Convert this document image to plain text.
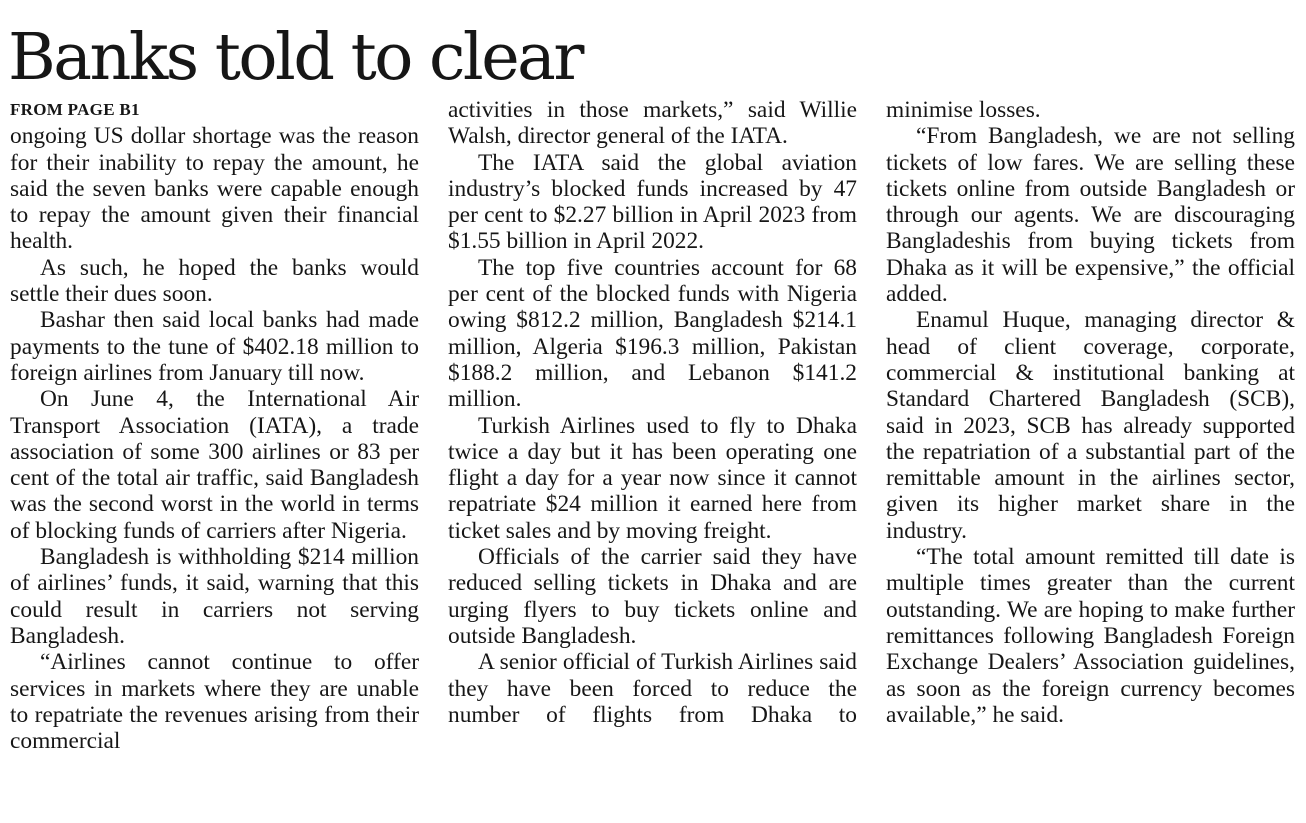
Banks told to clear
FROM PAGE B1

ongoing US dollar shortage was the reason for their inability to repay the amount, he said the seven banks were capable enough to repay the amount given their financial health.

As such, he hoped the banks would settle their dues soon.

Bashar then said local banks had made payments to the tune of $402.18 million to foreign airlines from January till now.

On June 4, the International Air Transport Association (IATA), a trade association of some 300 airlines or 83 per cent of the total air traffic, said Bangladesh was the second worst in the world in terms of blocking funds of carriers after Nigeria.

Bangladesh is withholding $214 million of airlines’ funds, it said, warning that this could result in carriers not serving Bangladesh.

“Airlines cannot continue to offer services in markets where they are unable to repatriate the revenues arising from their commercial

activities in those markets,” said Willie Walsh, director general of the IATA.

The IATA said the global aviation industry’s blocked funds increased by 47 per cent to $2.27 billion in April 2023 from $1.55 billion in April 2022.

The top five countries account for 68 per cent of the blocked funds with Nigeria owing $812.2 million, Bangladesh $214.1 million, Algeria $196.3 million, Pakistan $188.2 million, and Lebanon $141.2 million.

Turkish Airlines used to fly to Dhaka twice a day but it has been operating one flight a day for a year now since it cannot repatriate $24 million it earned here from ticket sales and by moving freight.

Officials of the carrier said they have reduced selling tickets in Dhaka and are urging flyers to buy tickets online and outside Bangladesh.

A senior official of Turkish Airlines said they have been forced to reduce the number of flights from Dhaka to

minimise losses.

“From Bangladesh, we are not selling tickets of low fares. We are selling these tickets online from outside Bangladesh or through our agents. We are discouraging Bangladeshis from buying tickets from Dhaka as it will be expensive,” the official added.

Enamul Huque, managing director & head of client coverage, corporate, commercial & institutional banking at Standard Chartered Bangladesh (SCB), said in 2023, SCB has already supported the repatriation of a substantial part of the remittable amount in the airlines sector, given its higher market share in the industry.

“The total amount remitted till date is multiple times greater than the current outstanding. We are hoping to make further remittances following Bangladesh Foreign Exchange Dealers’ Association guidelines, as soon as the foreign currency becomes available,” he said.
